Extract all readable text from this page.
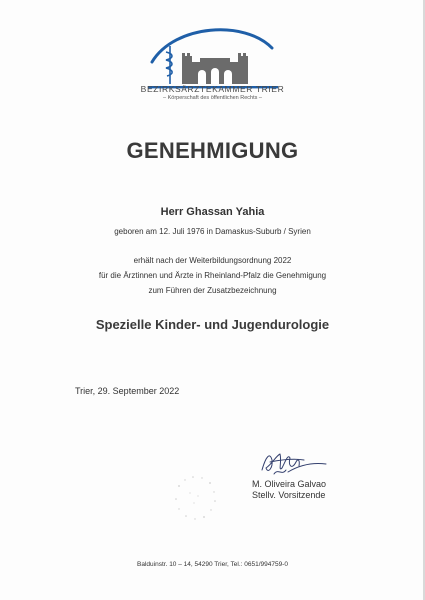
BEZIRKSÄRZTEKAMMER TRIER
– Körperschaft des öffentlichen Rechts –
GENEHMIGUNG
Herr Ghassan Yahia
geboren am 12. Juli 1976 in Damaskus-Suburb / Syrien
erhält nach der Weiterbildungsordnung 2022
für die Ärztinnen und Ärzte in Rheinland-Pfalz die Genehmigung
zum Führen der Zusatzbezeichnung
Spezielle Kinder- und Jugendurologie
Trier, 29. September 2022
M. Oliveira Galvao
Stellv. Vorsitzende
Balduinstr. 10 – 14, 54290 Trier, Tel.: 0651/994759-0
